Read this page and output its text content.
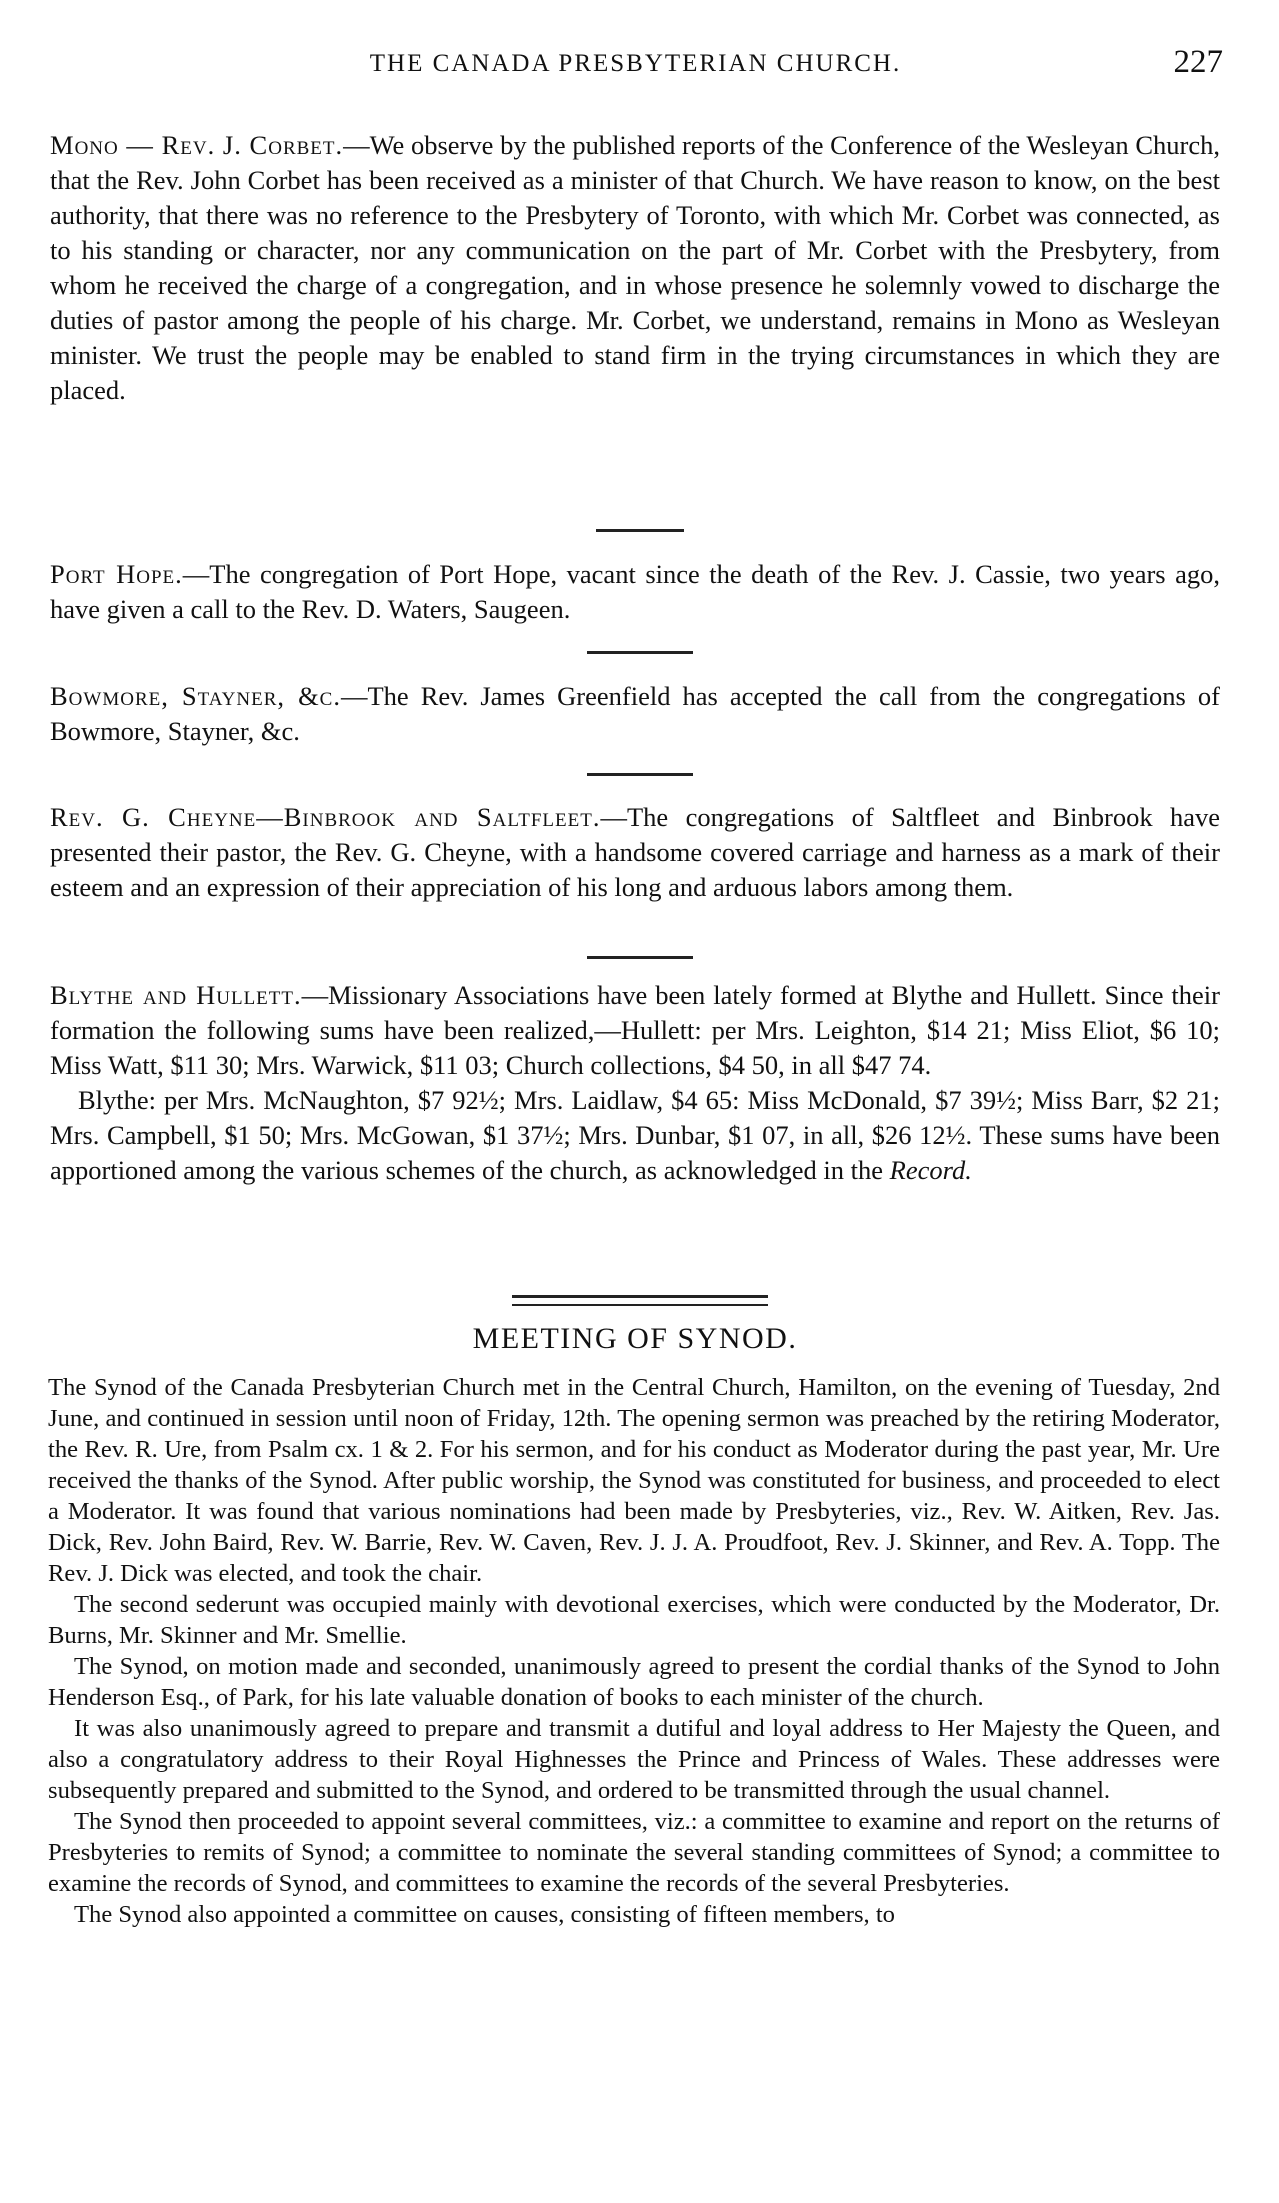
THE CANADA PRESBYTERIAN CHURCH.	227

Mono — Rev. J. Corbet.—We observe by the published reports of the Conference of the Wesleyan Church, that the Rev. John Corbet has been received as a minister of that Church. We have reason to know, on the best authority, that there was no reference to the Presbytery of Toronto, with which Mr. Corbet was connected, as to his standing or character, nor any communication on the part of Mr. Corbet with the Presbytery, from whom he received the charge of a congregation, and in whose presence he solemnly vowed to discharge the duties of pastor among the people of his charge. Mr. Corbet, we understand, remains in Mono as Wesleyan minister. We trust the people may be enabled to stand firm in the trying circumstances in which they are placed.

Port Hope.—The congregation of Port Hope, vacant since the death of the Rev. J. Cassie, two years ago, have given a call to the Rev. D. Waters, Saugeen.

Bowmore, Stayner, &c.—The Rev. James Greenfield has accepted the call from the congregations of Bowmore, Stayner, &c.

Rev. G. Cheyne—Binbrook and Saltfleet.—The congregations of Saltfleet and Binbrook have presented their pastor, the Rev. G. Cheyne, with a handsome covered carriage and harness as a mark of their esteem and an expression of their appreciation of his long and arduous labors among them.

Blythe and Hullett.—Missionary Associations have been lately formed at Blythe and Hullett. Since their formation the following sums have been realized,—Hullett: per Mrs. Leighton, $14 21; Miss Eliot, $6 10; Miss Watt, $11 30; Mrs. Warwick, $11 03; Church collections, $4 50, in all $47 74.

Blythe: per Mrs. McNaughton, $7 92½; Mrs. Laidlaw, $4 65: Miss McDonald, $7 39½; Miss Barr, $2 21; Mrs. Campbell, $1 50; Mrs. McGowan, $1 37½; Mrs. Dunbar, $1 07, in all, $26 12½. These sums have been apportioned among the various schemes of the church, as acknowledged in the Record.

MEETING OF SYNOD.

The Synod of the Canada Presbyterian Church met in the Central Church, Hamilton, on the evening of Tuesday, 2nd June, and continued in session until noon of Friday, 12th. The opening sermon was preached by the retiring Moderator, the Rev. R. Ure, from Psalm cx. 1 & 2. For his sermon, and for his conduct as Moderator during the past year, Mr. Ure received the thanks of the Synod. After public worship, the Synod was constituted for business, and proceeded to elect a Moderator. It was found that various nominations had been made by Presbyteries, viz., Rev. W. Aitken, Rev. Jas. Dick, Rev. John Baird, Rev. W. Barrie, Rev. W. Caven, Rev. J. J. A. Proudfoot, Rev. J. Skinner, and Rev. A. Topp. The Rev. J. Dick was elected, and took the chair.

The second sederunt was occupied mainly with devotional exercises, which were conducted by the Moderator, Dr. Burns, Mr. Skinner and Mr. Smellie.

The Synod, on motion made and seconded, unanimously agreed to present the cordial thanks of the Synod to John Henderson Esq., of Park, for his late valuable donation of books to each minister of the church.

It was also unanimously agreed to prepare and transmit a dutiful and loyal address to Her Majesty the Queen, and also a congratulatory address to their Royal Highnesses the Prince and Princess of Wales. These addresses were subsequently prepared and submitted to the Synod, and ordered to be transmitted through the usual channel.

The Synod then proceeded to appoint several committees, viz.: a committee to examine and report on the returns of Presbyteries to remits of Synod; a committee to nominate the several standing committees of Synod; a committee to examine the records of Synod, and committees to examine the records of the several Presbyteries.

The Synod also appointed a committee on causes, consisting of fifteen members, to
